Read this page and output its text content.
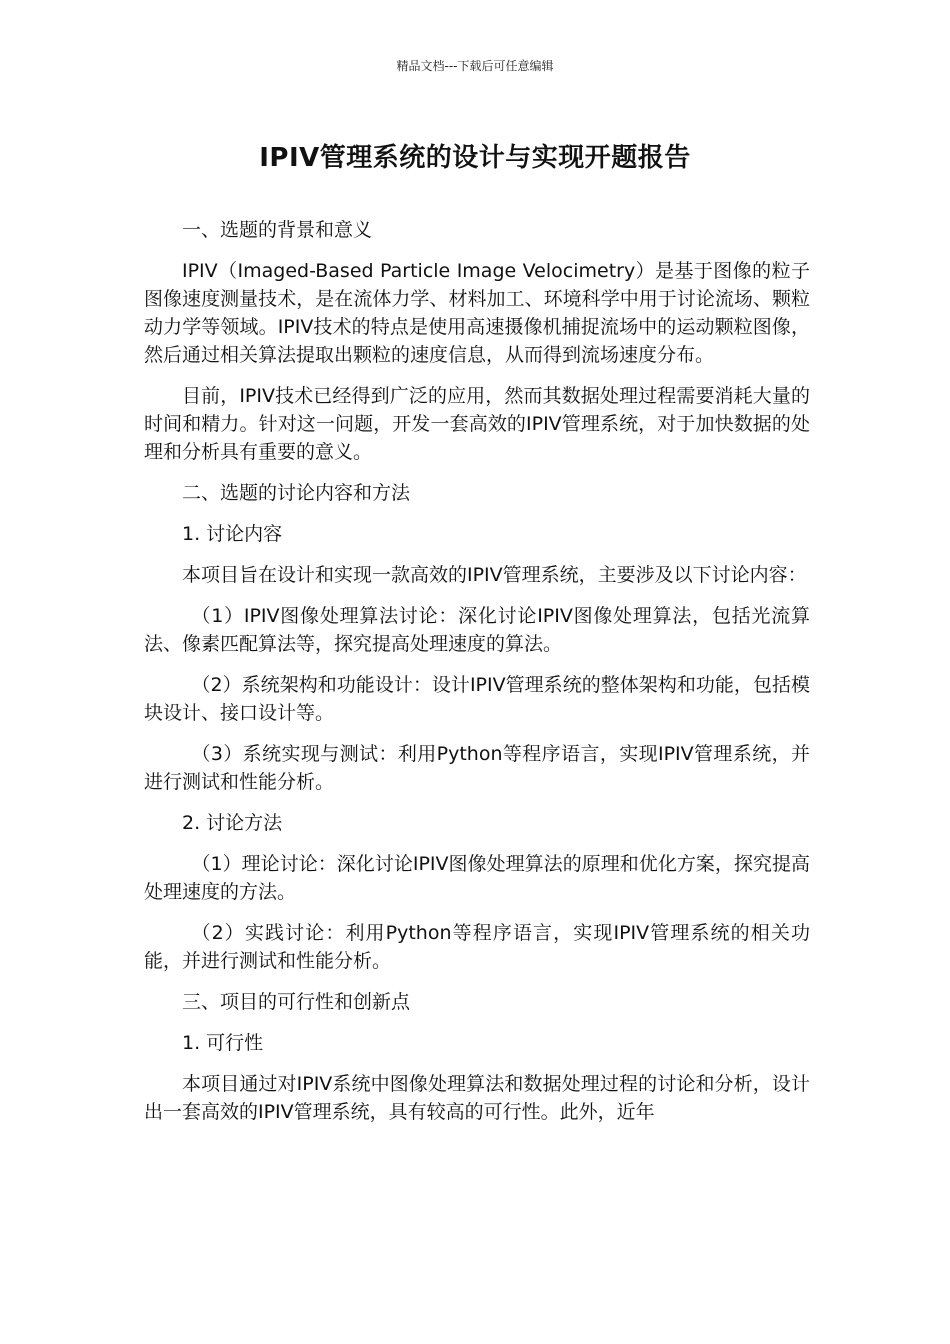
精品文档---下载后可任意编辑
IPIV管理系统的设计与实现开题报告

一、选题的背景和意义

IPIV（Imaged-Based Particle Image Velocimetry）是基于图像的粒子图像速度测量技术，是在流体力学、材料加工、环境科学中用于讨论流场、颗粒动力学等领域。IPIV技术的特点是使用高速摄像机捕捉流场中的运动颗粒图像，然后通过相关算法提取出颗粒的速度信息，从而得到流场速度分布。

目前，IPIV技术已经得到广泛的应用，然而其数据处理过程需要消耗大量的时间和精力。针对这一问题，开发一套高效的IPIV管理系统，对于加快数据的处理和分析具有重要的意义。

二、选题的讨论内容和方法

1. 讨论内容

本项目旨在设计和实现一款高效的IPIV管理系统，主要涉及以下讨论内容：

（1）IPIV图像处理算法讨论：深化讨论IPIV图像处理算法，包括光流算法、像素匹配算法等，探究提高处理速度的算法。

（2）系统架构和功能设计：设计IPIV管理系统的整体架构和功能，包括模块设计、接口设计等。

（3）系统实现与测试：利用Python等程序语言，实现IPIV管理系统，并进行测试和性能分析。

2. 讨论方法

（1）理论讨论：深化讨论IPIV图像处理算法的原理和优化方案，探究提高处理速度的方法。

（2）实践讨论：利用Python等程序语言，实现IPIV管理系统的相关功能，并进行测试和性能分析。

三、项目的可行性和创新点

1. 可行性

本项目通过对IPIV系统中图像处理算法和数据处理过程的讨论和分析，设计出一套高效的IPIV管理系统，具有较高的可行性。此外，近年
